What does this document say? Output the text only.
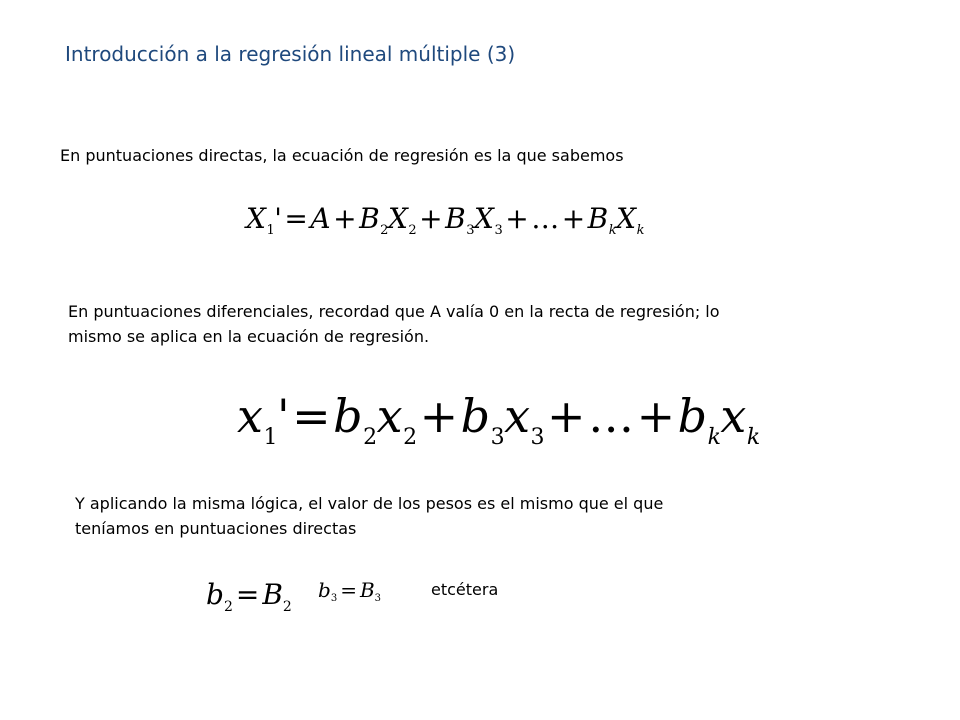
Introducción a la regresión lineal múltiple (3)
En puntuaciones directas, la ecuación de regresión es la que sabemos
$X_1' = A + B_2X_2 + B_3X_3$ + … + $B_kX_k$
En puntuaciones diferenciales, recordad que A valía 0 en la recta de regresión; lo
mismo se aplica en la ecuación de regresión.
$x_1'=b_2x_2+b_3x_3+\dots+b_kx_k$
Y aplicando la misma lógica, el valor de los pesos es el mismo que el que
teníamos en puntuaciones directas
$b_2 = B_2$
$b_3 = B_3$	etcétera
